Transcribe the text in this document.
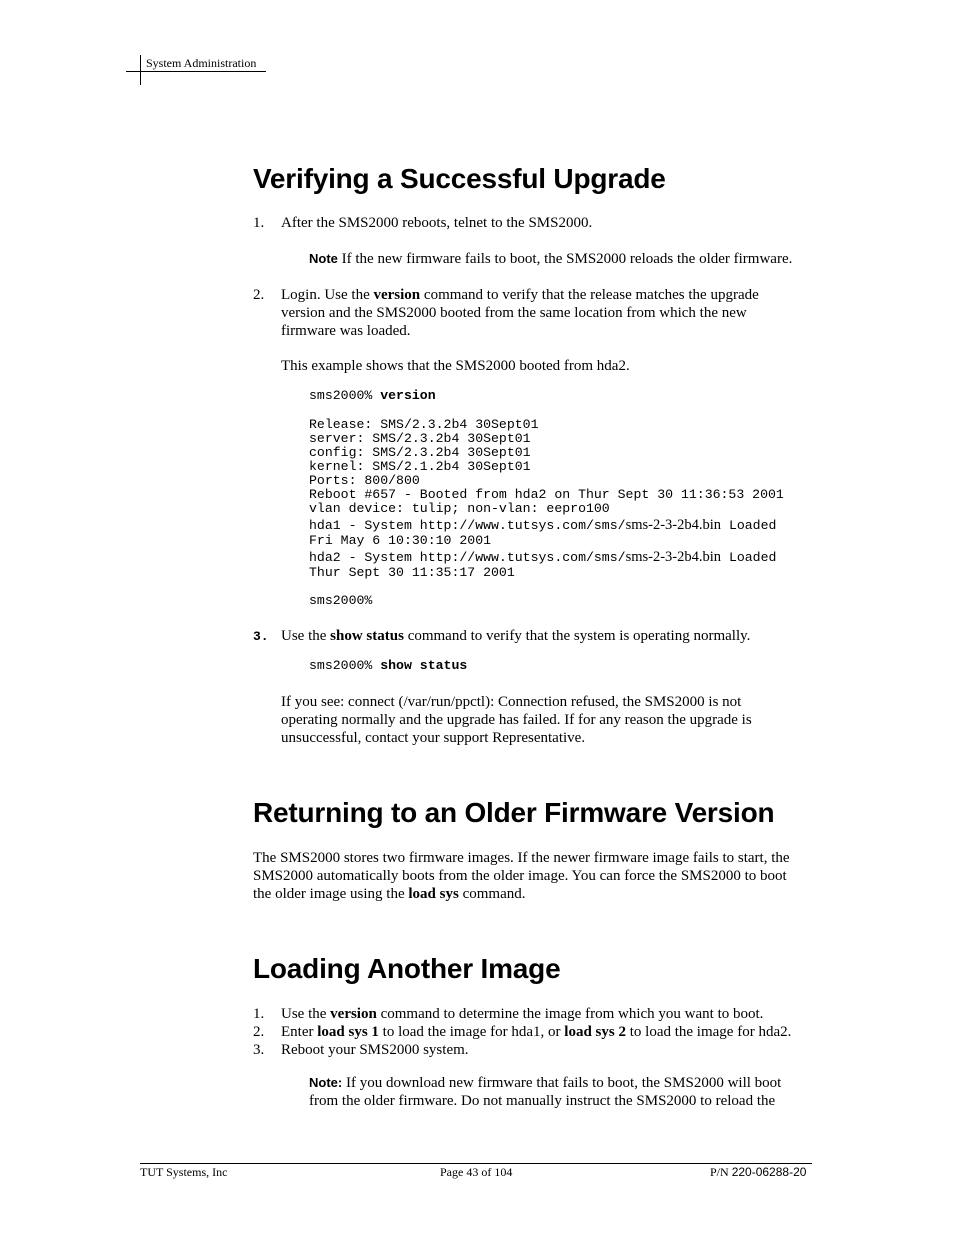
System Administration
Verifying a Successful Upgrade
1. After the SMS2000 reboots, telnet to the SMS2000.
Note If the new firmware fails to boot, the SMS2000 reloads the older firmware.
2. Login. Use the version command to verify that the release matches the upgrade
version and the SMS2000 booted from the same location from which the new
firmware was loaded.
This example shows that the SMS2000 booted from hda2.
sms2000% version
Release: SMS/2.3.2b4 30Sept01
server: SMS/2.3.2b4 30Sept01
config: SMS/2.3.2b4 30Sept01
kernel: SMS/2.1.2b4 30Sept01
Ports: 800/800
Reboot #657 - Booted from hda2 on Thur Sept 30 11:36:53 2001
vlan device: tulip; non-vlan: eepro100
hda1 - System http://www.tutsys.com/sms/sms-2-3-2b4.bin Loaded
Fri May 6 10:30:10 2001
hda2 - System http://www.tutsys.com/sms/sms-2-3-2b4.bin Loaded
Thur Sept 30 11:35:17 2001
sms2000%
3. Use the show status command to verify that the system is operating normally.
sms2000% show status
If you see: connect (/var/run/ppctl): Connection refused, the SMS2000 is not
operating normally and the upgrade has failed. If for any reason the upgrade is
unsuccessful, contact your support Representative.
Returning to an Older Firmware Version
The SMS2000 stores two firmware images. If the newer firmware image fails to start, the
SMS2000 automatically boots from the older image. You can force the SMS2000 to boot
the older image using the load sys command.
Loading Another Image
1. Use the version command to determine the image from which you want to boot.
2. Enter load sys 1 to load the image for hda1, or load sys 2 to load the image for hda2.
3. Reboot your SMS2000 system.
Note: If you download new firmware that fails to boot, the SMS2000 will boot
from the older firmware. Do not manually instruct the SMS2000 to reload the
TUT Systems, Inc	Page 43 of 104	P/N 220-06288-20
